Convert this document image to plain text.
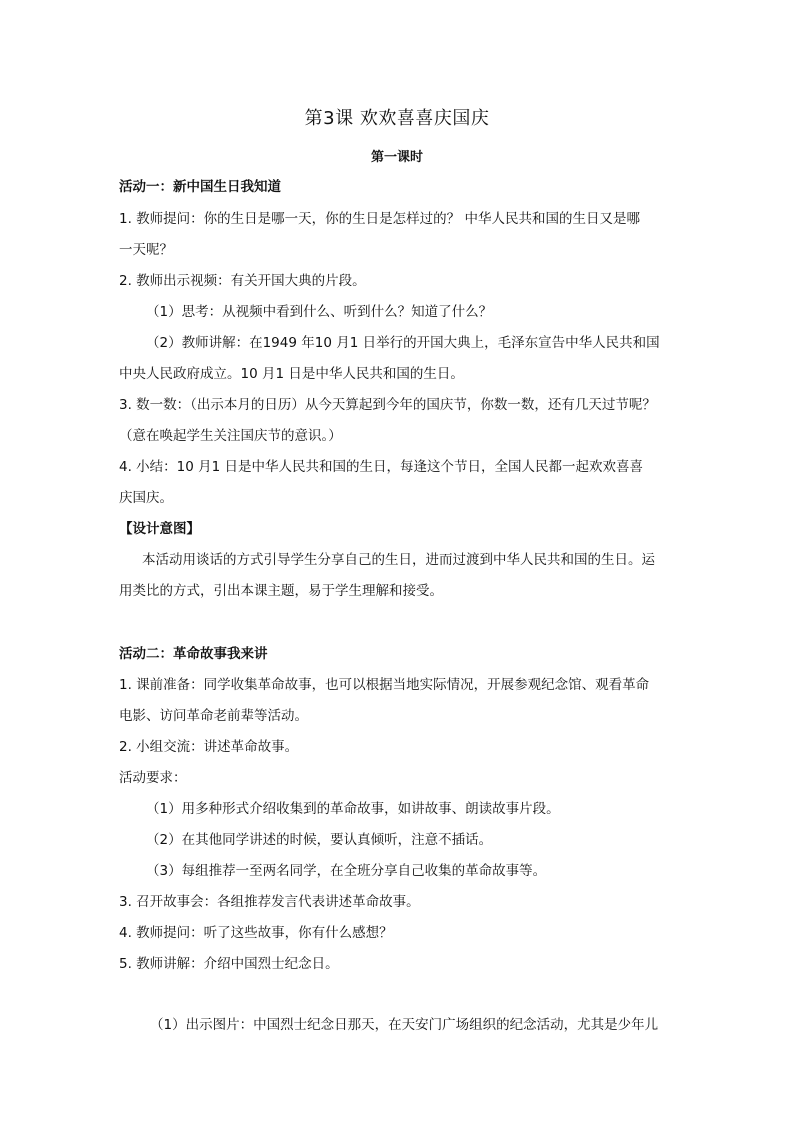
第3课 欢欢喜喜庆国庆
第一课时
活动一：新中国生日我知道
1. 教师提问：你的生日是哪一天，你的生日是怎样过的？ 中华人民共和国的生日又是哪
一天呢？
2. 教师出示视频：有关开国大典的片段。
（1）思考：从视频中看到什么、听到什么？知道了什么？
（2）教师讲解：在1949 年10 月1 日举行的开国大典上，毛泽东宣告中华人民共和国
中央人民政府成立。10 月1 日是中华人民共和国的生日。
3. 数一数：（出示本月的日历）从今天算起到今年的国庆节，你数一数，还有几天过节呢？
（意在唤起学生关注国庆节的意识。）
4. 小结：10 月1 日是中华人民共和国的生日，每逢这个节日，全国人民都一起欢欢喜喜
庆国庆。
【设计意图】
本活动用谈话的方式引导学生分享自己的生日，进而过渡到中华人民共和国的生日。运
用类比的方式，引出本课主题，易于学生理解和接受。
活动二：革命故事我来讲
1. 课前准备：同学收集革命故事，也可以根据当地实际情况，开展参观纪念馆、观看革命
电影、访问革命老前辈等活动。
2. 小组交流：讲述革命故事。
活动要求：
（1）用多种形式介绍收集到的革命故事，如讲故事、朗读故事片段。
（2）在其他同学讲述的时候，要认真倾听，注意不插话。
（3）每组推荐一至两名同学，在全班分享自己收集的革命故事等。
3. 召开故事会：各组推荐发言代表讲述革命故事。
4. 教师提问：听了这些故事，你有什么感想？
5. 教师讲解：介绍中国烈士纪念日。
（1）出示图片：中国烈士纪念日那天，在天安门广场组织的纪念活动，尤其是少年儿
